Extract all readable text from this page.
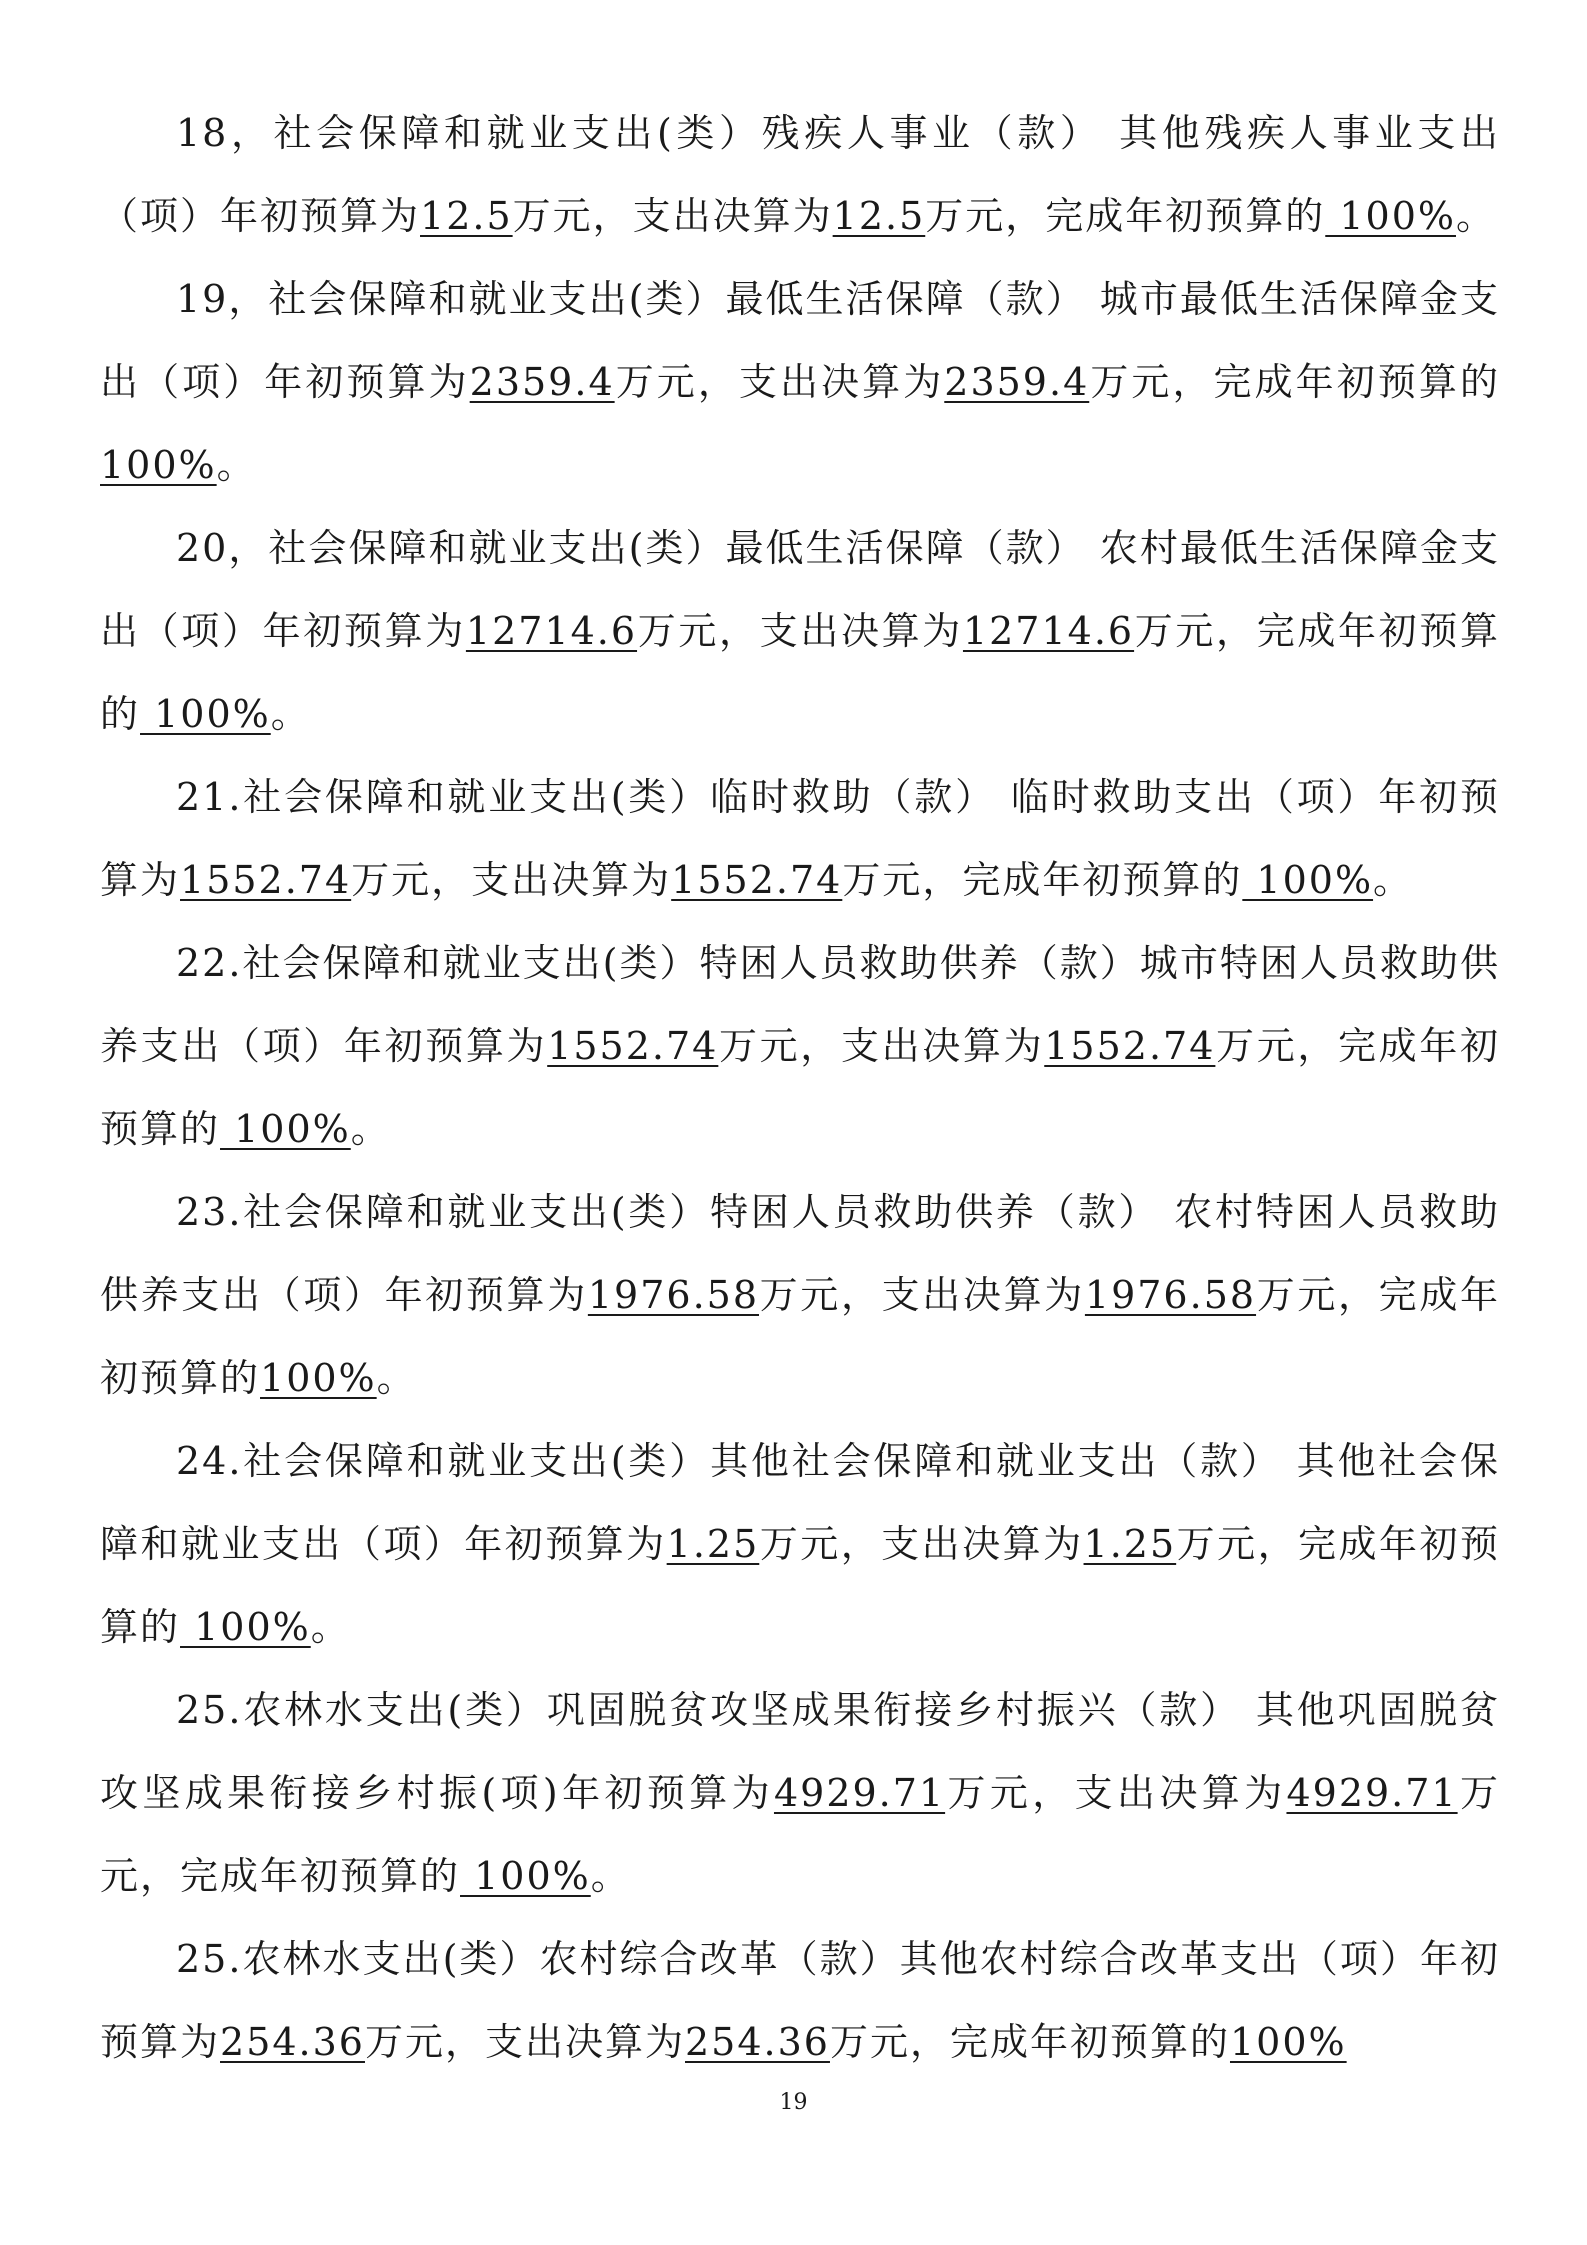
18，社会保障和就业支出(类）残疾人事业（款） 其他残疾人事业支出（项）年初预算为12.5万元，支出决算为12.5万元，完成年初预算的 100%。

19，社会保障和就业支出(类）最低生活保障（款） 城市最低生活保障金支出（项）年初预算为2359.4万元，支出决算为2359.4万元，完成年初预算的 100%。

20，社会保障和就业支出(类）最低生活保障（款） 农村最低生活保障金支出（项）年初预算为12714.6万元，支出决算为12714.6万元，完成年初预算的 100%。

21.社会保障和就业支出(类）临时救助（款） 临时救助支出（项）年初预算为1552.74万元，支出决算为1552.74万元，完成年初预算的 100%。

22.社会保障和就业支出(类）特困人员救助供养（款）城市特困人员救助供养支出（项）年初预算为1552.74万元，支出决算为1552.74万元，完成年初预算的 100%。

23.社会保障和就业支出(类）特困人员救助供养（款） 农村特困人员救助供养支出（项）年初预算为1976.58万元，支出决算为1976.58万元，完成年初预算的100%。

24.社会保障和就业支出(类）其他社会保障和就业支出（款） 其他社会保障和就业支出（项）年初预算为1.25万元，支出决算为1.25万元，完成年初预算的 100%。

25.农林水支出(类）巩固脱贫攻坚成果衔接乡村振兴（款） 其他巩固脱贫攻坚成果衔接乡村振(项)年初预算为4929.71万元，支出决算为4929.71万元，完成年初预算的 100%。

25.农林水支出(类）农村综合改革（款）其他农村综合改革支出（项）年初预算为254.36万元，支出决算为254.36万元，完成年初预算的100%

19
